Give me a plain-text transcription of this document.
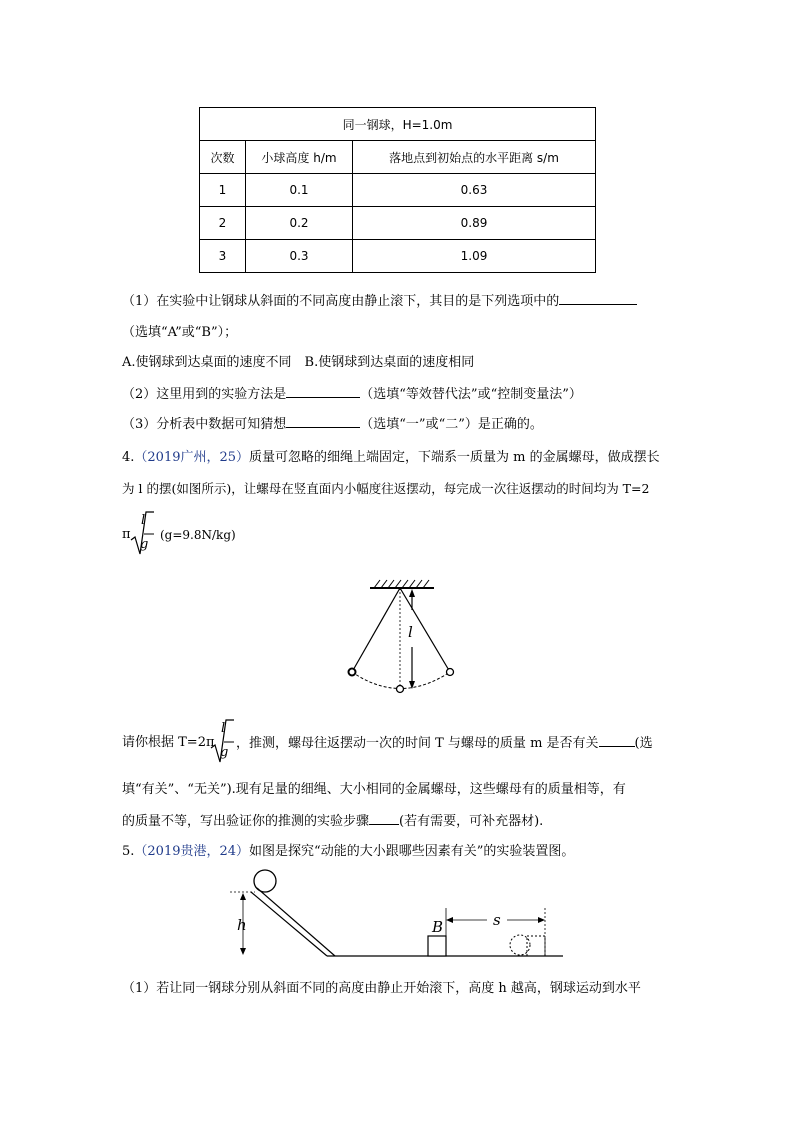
同一钢球，H=1.0m		
次数	小球高度 h/m	落地点到初始点的水平距离 s/m
1	0.1	0.63
2	0.2	0.89
3	0.3	1.09
（1）在实验中让钢球从斜面的不同高度由静止滚下，其目的是下列选项中的
（选填“A”或“B”）；
A.使钢球到达桌面的速度不同　B.使钢球到达桌面的速度相同
（2）这里用到的实验方法是	（选填“等效替代法”或“控制变量法”）
（3）分析表中数据可知猜想	（选填“一”或“二”）是正确的。
4.（2019广州，25）质量可忽略的细绳上端固定，下端系一质量为 m 的金属螺母，做成摆长
为 l 的摆(如图所示)，让螺母在竖直面内小幅度往返摆动，每完成一次往返摆动的时间均为 T=2
π
l
g
(g=9.8N/kg)
l
请你根据 T=2π
l
g
，推测，螺母往返摆动一次的时间 T 与螺母的质量 m 是否有关	(选
填“有关”、“无关”).现有足量的细绳、大小相同的金属螺母，这些螺母有的质量相等，有
的质量不等，写出验证你的推测的实验步骤 (若有需要，可补充器材).
5.（2019贵港，24）如图是探究“动能的大小跟哪些因素有关”的实验装置图。
h	B	s
（1）若让同一钢球分别从斜面不同的高度由静止开始滚下，高度 h 越高，钢球运动到水平
